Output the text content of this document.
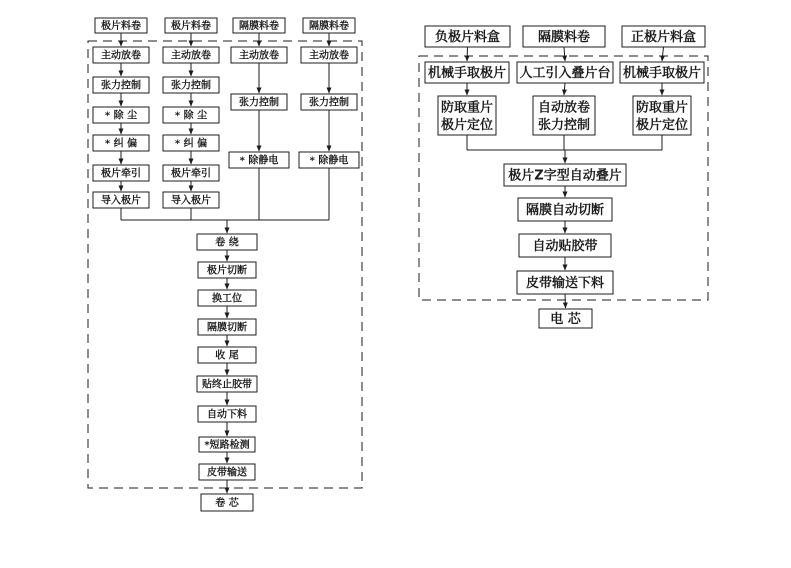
极片料卷	极片料卷	隔膜料卷	隔膜料卷
主动放卷	主动放卷	主动放卷	主动放卷
张力控制	张力控制
张力控制	张力控制
* 除 尘	* 除 尘
* 纠 偏	* 纠 偏
* 除静电	* 除静电
极片牵引	极片牵引
导入极片	导入极片
卷 绕
极片切断
换工位
隔膜切断
收 尾
贴终止胶带
自动下料
*短路检测
皮带输送
卷 芯
负极片料盒	隔膜料卷	正极片料盒
机械手取极片 人工引入叠片台 机械手取极片
防取重片极片定位
自动放卷张力控制
防取重片极片定位
极片Z字型自动叠片
隔膜自动切断
自动贴胶带
皮带输送下料
电 芯
